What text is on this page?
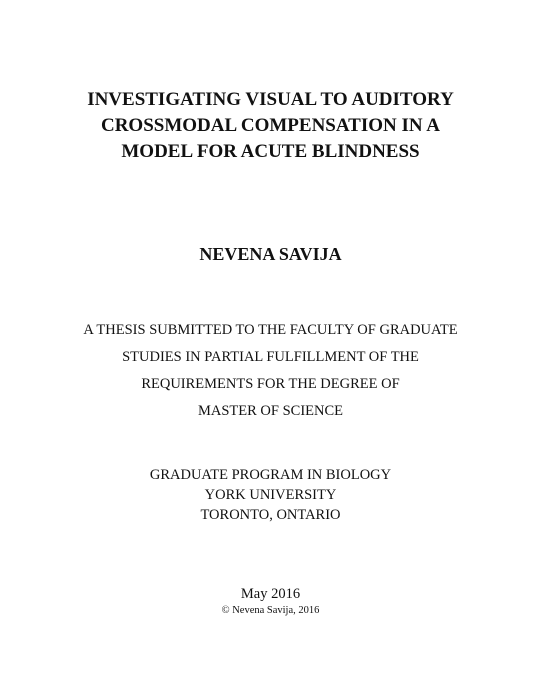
INVESTIGATING VISUAL TO AUDITORY
CROSSMODAL COMPENSATION IN A
MODEL FOR ACUTE BLINDNESS
NEVENA SAVIJA
A THESIS SUBMITTED TO THE FACULTY OF GRADUATE
STUDIES IN PARTIAL FULFILLMENT OF THE
REQUIREMENTS FOR THE DEGREE OF
MASTER OF SCIENCE
GRADUATE PROGRAM IN BIOLOGY
YORK UNIVERSITY
TORONTO, ONTARIO
May 2016
© Nevena Savija, 2016
